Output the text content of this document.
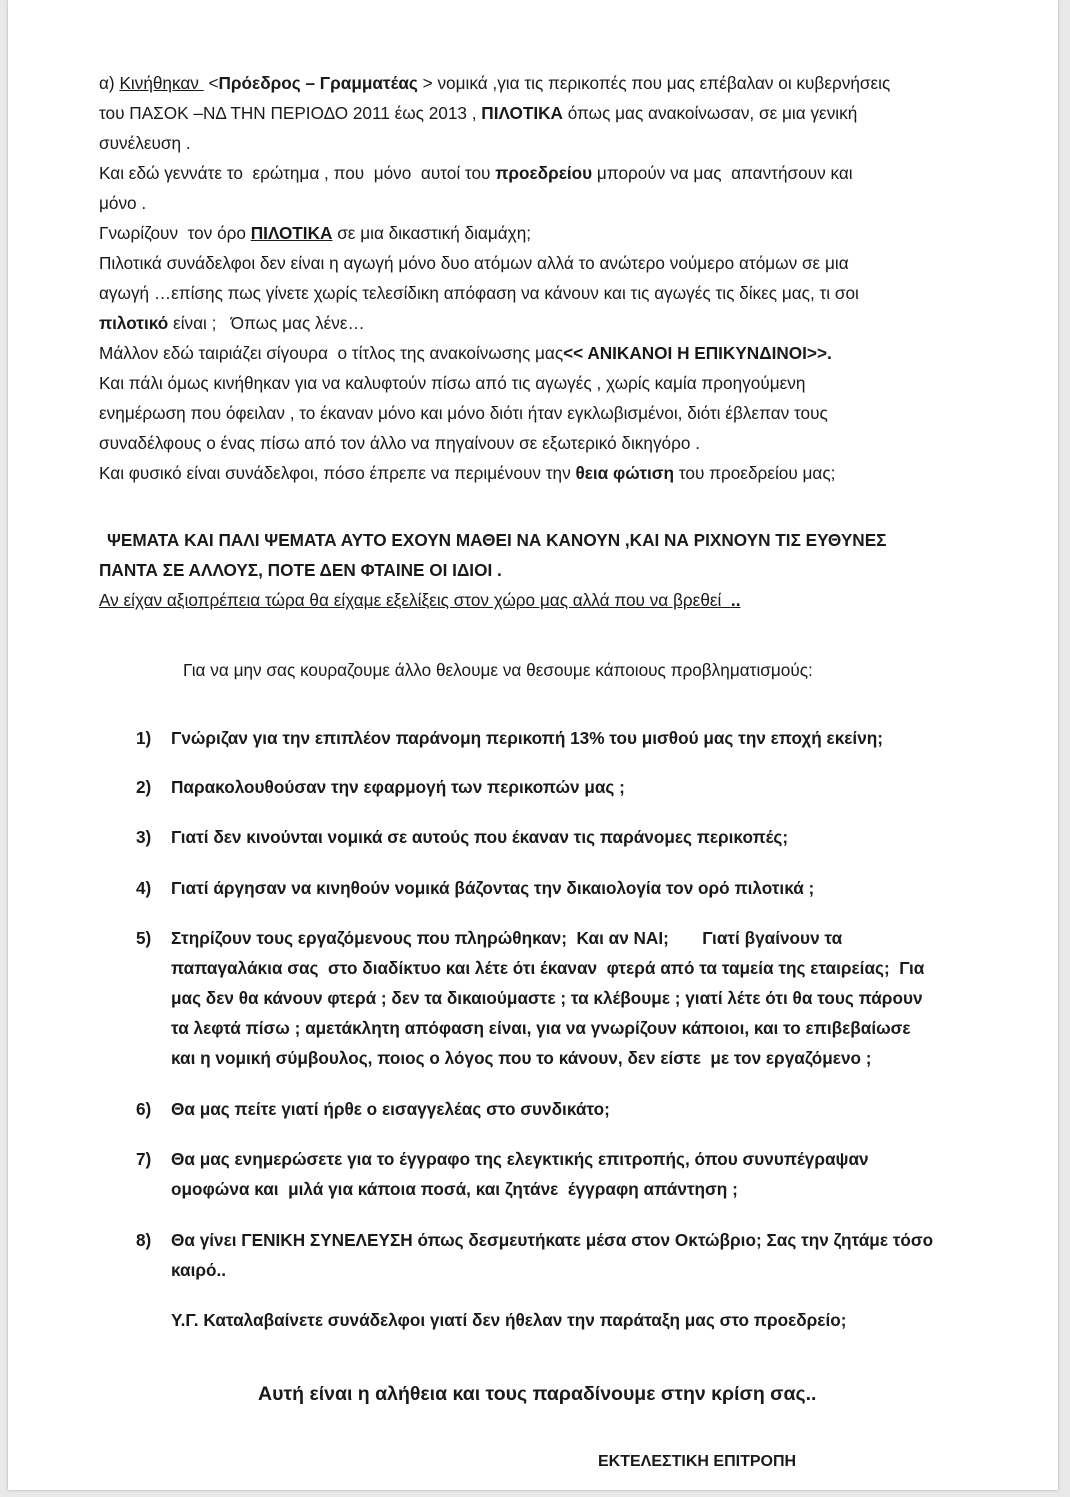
α) Κινήθηκαν  <Πρόεδρος – Γραμματέας > νομικά ,για τις περικοπές που μας επέβαλαν οι κυβερνήσεις

του ΠΑΣΟΚ –ΝΔ ΤΗΝ ΠΕΡΙΟΔΟ 2011 έως 2013 , ΠΙΛΟΤΙΚΑ όπως μας ανακοίνωσαν, σε μια γενική

συνέλευση .

Και εδώ γεννάτε το  ερώτημα , που  μόνο  αυτοί του προεδρείου μπορούν να μας  απαντήσουν και

μόνο .

Γνωρίζουν  τον όρο ΠΙΛΟΤΙΚΑ σε μια δικαστική διαμάχη;

Πιλοτικά συνάδελφοι δεν είναι η αγωγή μόνο δυο ατόμων αλλά το ανώτερο νούμερο ατόμων σε μια

αγωγή …επίσης πως γίνετε χωρίς τελεσίδικη απόφαση να κάνουν και τις αγωγές τις δίκες μας, τι σοι

πιλοτικό είναι ;   Όπως μας λένε…

Μάλλον εδώ ταιριάζει σίγουρα  ο τίτλος της ανακοίνωσης μας<< ΑΝΙΚΑΝΟΙ Η ΕΠΙΚΥΝΔΙΝΟΙ>>.

Και πάλι όμως κινήθηκαν για να καλυφτούν πίσω από τις αγωγές , χωρίς καμία προηγούμενη

ενημέρωση που όφειλαν , το έκαναν μόνο και μόνο διότι ήταν εγκλωβισμένοι, διότι έβλεπαν τους

συναδέλφους ο ένας πίσω από τον άλλο να πηγαίνουν σε εξωτερικό δικηγόρο .

Και φυσικό είναι συνάδελφοι, πόσο έπρεπε να περιμένουν την θεια φώτιση του προεδρείου μας;

ΨΕΜΑΤΑ ΚΑΙ ΠΑΛΙ ΨΕΜΑΤΑ ΑΥΤΟ ΕΧΟΥΝ ΜΑΘΕΙ ΝΑ ΚΑΝΟΥΝ ,ΚΑΙ ΝΑ ΡΙΧΝΟΥΝ ΤΙΣ ΕΥΘΥΝΕΣ
ΠΑΝΤΑ ΣΕ ΑΛΛΟΥΣ, ΠΟΤΕ ΔΕΝ ΦΤΑΙΝΕ ΟΙ ΙΔΙΟΙ .
Αν είχαν αξιοπρέπεια τώρα θα είχαμε εξελίξεις στον χώρο μας αλλά που να βρεθεί  ..
Για να μην σας κουραζουμε άλλο θελουμε να θεσουμε κάποιους προβληματισμούς:
1)	Γνώριζαν για την επιπλέον παράνομη περικοπή 13% του μισθού μας την εποχή εκείνη;

2)	Παρακολουθούσαν την εφαρμογή των περικοπών μας ;

3)	Γιατί δεν κινούνται νομικά σε αυτούς που έκαναν τις παράνομες περικοπές;

4)	Γιατί άργησαν να κινηθούν νομικά βάζοντας την δικαιολογία τον ορό πιλοτικά ;

5)	Στηρίζουν τους εργαζόμενους που πληρώθηκαν;  Και αν ΝΑΙ;       Γιατί βγαίνουν τα

παπαγαλάκια σας  στο διαδίκτυο και λέτε ότι έκαναν  φτερά από τα ταμεία της εταιρείας;  Για

μας δεν θα κάνουν φτερά ; δεν τα δικαιούμαστε ; τα κλέβουμε ; γιατί λέτε ότι θα τους πάρουν

τα λεφτά πίσω ; αμετάκλητη απόφαση είναι, για να γνωρίζουν κάποιοι, και το επιβεβαίωσε

και η νομική σύμβουλος, ποιος ο λόγος που το κάνουν, δεν είστε  με τον εργαζόμενο ;

6)	Θα μας πείτε γιατί ήρθε ο εισαγγελέας στο συνδικάτο;

7)	Θα μας ενημερώσετε για το έγγραφο της ελεγκτικής επιτροπής, όπου συνυπέγραψαν

ομοφώνα και  μιλά για κάποια ποσά, και ζητάνε  έγγραφη απάντηση ;

8)	Θα γίνει ΓΕΝΙΚΗ ΣΥΝΕΛΕΥΣΗ όπως δεσμευτήκατε μέσα στον Οκτώβριο; Σας την ζητάμε τόσο

καιρό..

Υ.Γ. Καταλαβαίνετε συνάδελφοι γιατί δεν ήθελαν την παράταξη μας στο προεδρείο;
Αυτή είναι η αλήθεια και τους παραδίνουμε στην κρίση σας..
ΕΚΤΕΛΕΣΤΙΚΗ ΕΠΙΤΡΟΠΗ
